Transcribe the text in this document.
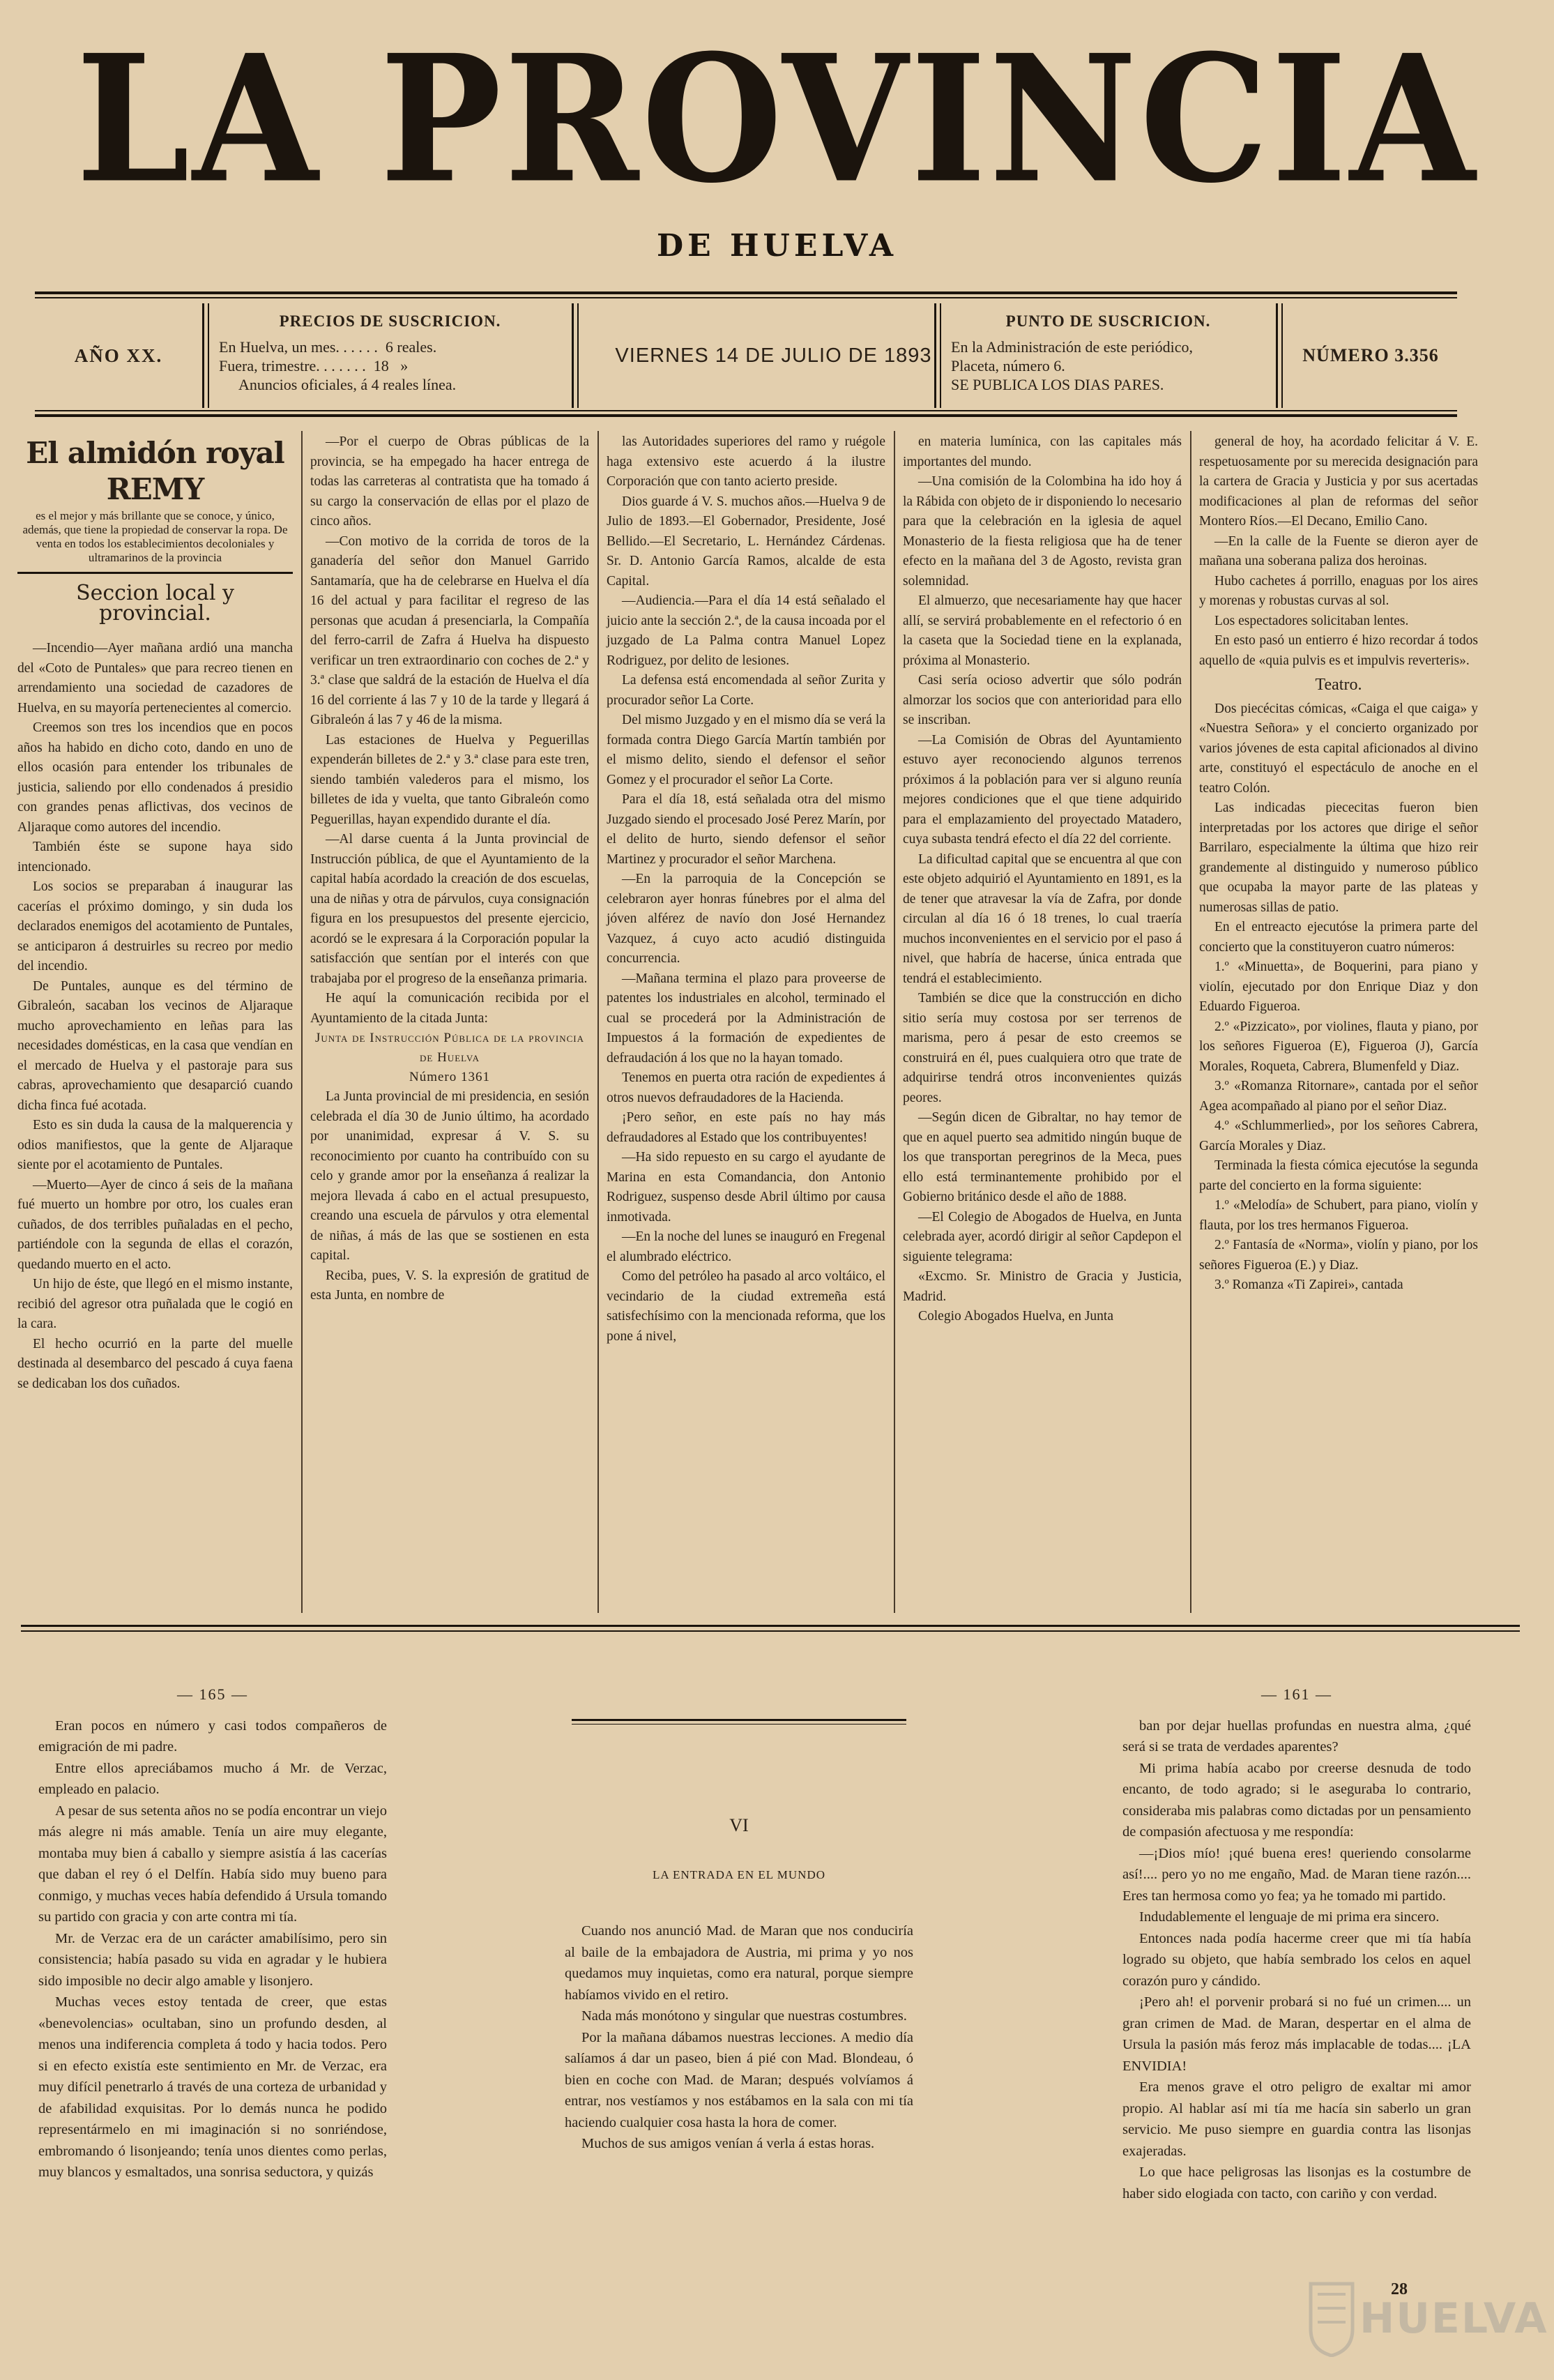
LA PROVINCIA
DE HUELVA
AÑO XX.
PRECIOS DE SUSCRICION.
En Huelva, un mes. . . . . .  6 reales.
Fuera, trimestre. . . . . . .  18   »
Anuncios oficiales, á 4 reales línea.
VIERNES 14 DE JULIO DE 1893
PUNTO DE SUSCRICION.
En la Administración de este periódico,
Placeta, número 6.
SE PUBLICA LOS DIAS PARES.
NÚMERO 3.356
El almidón royal REMY
es el mejor y más brillante que se conoce, y único, además, que tiene la propiedad de conservar la ropa. De venta en todos los establecimientos decoloniales y ultramarinos de la provincia
Seccion local y provincial.

—Incendio—Ayer mañana ardió una mancha del «Coto de Puntales» que para recreo tienen en arrendamiento una sociedad de cazadores de Huelva, en su mayoría pertenecientes al comercio.

Creemos son tres los incendios que en pocos años ha habido en dicho coto, dando en uno de ellos ocasión para entender los tribunales de justicia, saliendo por ello condenados á presidio con grandes penas aflictivas, dos vecinos de Aljaraque como autores del incendio.

También éste se supone haya sido intencionado.

Los socios se preparaban á inaugurar las cacerías el próximo domingo, y sin duda los declarados enemigos del acotamiento de Puntales, se anticiparon á destruirles su recreo por medio del incendio.

De Puntales, aunque es del término de Gibraleón, sacaban los vecinos de Aljaraque mucho aprovechamiento en leñas para las necesidades domésticas, en la casa que vendían en el mercado de Huelva y el pastoraje para sus cabras, aprovechamiento que desaparció cuando dicha finca fué acotada.

Esto es sin duda la causa de la malquerencia y odios manifiestos, que la gente de Aljaraque siente por el acotamiento de Puntales.

—Muerto—Ayer de cinco á seis de la mañana fué muerto un hombre por otro, los cuales eran cuñados, de dos terribles puñaladas en el pecho, partiéndole con la segunda de ellas el corazón, quedando muerto en el acto.

Un hijo de éste, que llegó en el mismo instante, recibió del agresor otra puñalada que le cogió en la cara.

El hecho ocurrió en la parte del muelle destinada al desembarco del pescado á cuya faena se dedicaban los dos cuñados.

—Por el cuerpo de Obras públicas de la provincia, se ha empegado ha hacer entrega de todas las carreteras al contratista que ha tomado á su cargo la conservación de ellas por el plazo de cinco años.

—Con motivo de la corrida de toros de la ganadería del señor don Manuel Garrido Santamaría, que ha de celebrarse en Huelva el día 16 del actual y para facilitar el regreso de las personas que acudan á presenciarla, la Compañía del ferro-carril de Zafra á Huelva ha dispuesto verificar un tren extraordinario con coches de 2.ª y 3.ª clase que saldrá de la estación de Huelva el día 16 del corriente á las 7 y 10 de la tarde y llegará á Gibraleón á las 7 y 46 de la misma.

Las estaciones de Huelva y Peguerillas expenderán billetes de 2.ª y 3.ª clase para este tren, siendo también valederos para el mismo, los billetes de ida y vuelta, que tanto Gibraleón como Peguerillas, hayan expendido durante el día.

—Al darse cuenta á la Junta provincial de Instrucción pública, de que el Ayuntamiento de la capital había acordado la creación de dos escuelas, una de niñas y otra de párvulos, cuya consignación figura en los presupuestos del presente ejercicio, acordó se le expresara á la Corporación popular la satisfacción que sentían por el interés con que trabajaba por el progreso de la enseñanza primaria.

He aquí la comunicación recibida por el Ayuntamiento de la citada Junta:

Junta de Instrucción Pública de la provincia de Huelva
Número 1361

La Junta provincial de mi presidencia, en sesión celebrada el día 30 de Junio último, ha acordado por unanimidad, expresar á V. S. su reconocimiento por cuanto ha contribuído con su celo y grande amor por la enseñanza á realizar la mejora llevada á cabo en el actual presupuesto, creando una escuela de párvulos y otra elemental de niñas, á más de las que se sostienen en esta capital.

Reciba, pues, V. S. la expresión de gratitud de esta Junta, en nombre de

las Autoridades superiores del ramo y ruégole haga extensivo este acuerdo á la ilustre Corporación que con tanto acierto preside.

Dios guarde á V. S. muchos años.—Huelva 9 de Julio de 1893.—El Gobernador, Presidente, José Bellido.—El Secretario, L. Hernández Cárdenas. Sr. D. Antonio García Ramos, alcalde de esta Capital.

—Audiencia.—Para el día 14 está señalado el juicio ante la sección 2.ª, de la causa incoada por el juzgado de La Palma contra Manuel Lopez Rodriguez, por delito de lesiones.

La defensa está encomendada al señor Zurita y procurador señor La Corte.

Del mismo Juzgado y en el mismo día se verá la formada contra Diego García Martín también por el mismo delito, siendo el defensor el señor Gomez y el procurador el señor La Corte.

Para el día 18, está señalada otra del mismo Juzgado siendo el procesado José Perez Marín, por el delito de hurto, siendo defensor el señor Martinez y procurador el señor Marchena.

—En la parroquia de la Concepción se celebraron ayer honras fúnebres por el alma del jóven alférez de navío don José Hernandez Vazquez, á cuyo acto acudió distinguida concurrencia.

—Mañana termina el plazo para proveerse de patentes los industriales en alcohol, terminado el cual se procederá por la Administración de Impuestos á la formación de expedientes de defraudación á los que no la hayan tomado.

Tenemos en puerta otra ración de expedientes á otros nuevos defraudadores de la Hacienda.

¡Pero señor, en este país no hay más defraudadores al Estado que los contribuyentes!

—Ha sido repuesto en su cargo el ayudante de Marina en esta Comandancia, don Antonio Rodriguez, suspenso desde Abril último por causa inmotivada.

—En la noche del lunes se inauguró en Fregenal el alumbrado eléctrico.

Como del petróleo ha pasado al arco voltáico, el vecindario de la ciudad extremeña está satisfechísimo con la mencionada reforma, que los pone á nivel,

en materia lumínica, con las capitales más importantes del mundo.

—Una comisión de la Colombina ha ido hoy á la Rábida con objeto de ir disponiendo lo necesario para que la celebración en la iglesia de aquel Monasterio de la fiesta religiosa que ha de tener efecto en la mañana del 3 de Agosto, revista gran solemnidad.

El almuerzo, que necesariamente hay que hacer allí, se servirá probablemente en el refectorio ó en la caseta que la Sociedad tiene en la explanada, próxima al Monasterio.

Casi sería ocioso advertir que sólo podrán almorzar los socios que con anterioridad para ello se inscriban.

—La Comisión de Obras del Ayuntamiento estuvo ayer reconociendo algunos terrenos próximos á la población para ver si alguno reunía mejores condiciones que el que tiene adquirido para el emplazamiento del proyectado Matadero, cuya subasta tendrá efecto el día 22 del corriente.

La dificultad capital que se encuentra al que con este objeto adquirió el Ayuntamiento en 1891, es la de tener que atravesar la vía de Zafra, por donde circulan al día 16 ó 18 trenes, lo cual traería muchos inconvenientes en el servicio por el paso á nivel, que habría de hacerse, única entrada que tendrá el establecimiento.

También se dice que la construcción en dicho sitio sería muy costosa por ser terrenos de marisma, pero á pesar de esto creemos se construirá en él, pues cualquiera otro que trate de adquirirse tendrá otros inconvenientes quizás peores.

—Según dicen de Gibraltar, no hay temor de que en aquel puerto sea admitido ningún buque de los que transportan peregrinos de la Meca, pues ello está terminantemente prohibido por el Gobierno británico desde el año de 1888.

—El Colegio de Abogados de Huelva, en Junta celebrada ayer, acordó dirigir al señor Capdepon el siguiente telegrama:

«Excmo. Sr. Ministro de Gracia y Justicia, Madrid.

Colegio Abogados Huelva, en Junta

general de hoy, ha acordado felicitar á V. E. respetuosamente por su merecida designación para la cartera de Gracia y Justicia y por sus acertadas modificaciones al plan de reformas del señor Montero Ríos.—El Decano, Emilio Cano.

—En la calle de la Fuente se dieron ayer de mañana una soberana paliza dos heroinas.

Hubo cachetes á porrillo, enaguas por los aires y morenas y robustas curvas al sol.

Los espectadores solicitaban lentes.

En esto pasó un entierro é hizo recordar á todos aquello de «quia pulvis es et impulvis reverteris».

Teatro.

Dos piecécitas cómicas, «Caiga el que caiga» y «Nuestra Señora» y el concierto organizado por varios jóvenes de esta capital aficionados al divino arte, constituyó el espectáculo de anoche en el teatro Colón.

Las indicadas piececitas fueron bien interpretadas por los actores que dirige el señor Barrilaro, especialmente la última que hizo reir grandemente al distinguido y numeroso público que ocupaba la mayor parte de las plateas y numerosas sillas de patio.

En el entreacto ejecutóse la primera parte del concierto que la constituyeron cuatro números:

1.º «Minuetta», de Boquerini, para piano y violín, ejecutado por don Enrique Diaz y don Eduardo Figueroa.

2.º «Pizzicato», por violines, flauta y piano, por los señores Figueroa (E), Figueroa (J), García Morales, Roqueta, Cabrera, Blumenfeld y Diaz.

3.º «Romanza Ritornare», cantada por el señor Agea acompañado al piano por el señor Diaz.

4.º «Schlummerlied», por los señores Cabrera, García Morales y Diaz.

Terminada la fiesta cómica ejecutóse la segunda parte del concierto en la forma siguiente:

1.º «Melodía» de Schubert, para piano, violín y flauta, por los tres hermanos Figueroa.

2.º Fantasía de «Norma», violín y piano, por los señores Figueroa (E.) y Diaz.

3.º Romanza «Ti Zapirei», cantada

— 165 —

Eran pocos en número y casi todos compañeros de emigración de mi padre.

Entre ellos apreciábamos mucho á Mr. de Verzac, empleado en palacio.

A pesar de sus setenta años no se podía encontrar un viejo más alegre ni más amable. Tenía un aire muy elegante, montaba muy bien á caballo y siempre asistía á las cacerías que daban el rey ó el Delfín. Había sido muy bueno para conmigo, y muchas veces había defendido á Ursula tomando su partido con gracia y con arte contra mi tía.

Mr. de Verzac era de un carácter amabilísimo, pero sin consistencia; había pasado su vida en agradar y le hubiera sido imposible no decir algo amable y lisonjero.

Muchas veces estoy tentada de creer, que estas «benevolencias» ocultaban, sino un profundo desden, al menos una indiferencia completa á todo y hacia todos. Pero si en efecto existía este sentimiento en Mr. de Verzac, era muy difícil penetrarlo á través de una corteza de urbanidad y de afabilidad exquisitas. Por lo demás nunca he podido representármelo en mi imaginación si no sonriéndose, embromando ó lisonjeando; tenía unos dientes como perlas, muy blancos y esmaltados, una sonrisa seductora, y quizás

VI
LA ENTRADA EN EL MUNDO

Cuando nos anunció Mad. de Maran que nos conduciría al baile de la embajadora de Austria, mi prima y yo nos quedamos muy inquietas, como era natural, porque siempre habíamos vivido en el retiro.

Nada más monótono y singular que nuestras costumbres.

Por la mañana dábamos nuestras lecciones. A medio día salíamos á dar un paseo, bien á pié con Mad. Blondeau, ó bien en coche con Mad. de Maran; después volvíamos á entrar, nos vestíamos y nos estábamos en la sala con mi tía haciendo cualquier cosa hasta la hora de comer.

Muchos de sus amigos venían á verla á estas horas.

— 161 —

ban por dejar huellas profundas en nuestra alma, ¿qué será si se trata de verdades aparentes?

Mi prima había acabo por creerse desnuda de todo encanto, de todo agrado; si le aseguraba lo contrario, consideraba mis palabras como dictadas por un pensamiento de compasión afectuosa y me respondía:

—¡Dios mío! ¡qué buena eres! queriendo consolarme así!.... pero yo no me engaño, Mad. de Maran tiene razón.... Eres tan hermosa como yo fea; ya he tomado mi partido.

Indudablemente el lenguaje de mi prima era sincero.

Entonces nada podía hacerme creer que mi tía había logrado su objeto, que había sembrado los celos en aquel corazón puro y cándido.

¡Pero ah! el porvenir probará si no fué un crimen.... un gran crimen de Mad. de Maran, despertar en el alma de Ursula la pasión más feroz más implacable de todas.... ¡LA ENVIDIA!

Era menos grave el otro peligro de exaltar mi amor propio. Al hablar así mi tía me hacía sin saberlo un gran servicio. Me puso siempre en guardia contra las lisonjas exajeradas.

Lo que hace peligrosas las lisonjas es la costumbre de haber sido elogiada con tacto, con cariño y con verdad.

28
HUELVA
